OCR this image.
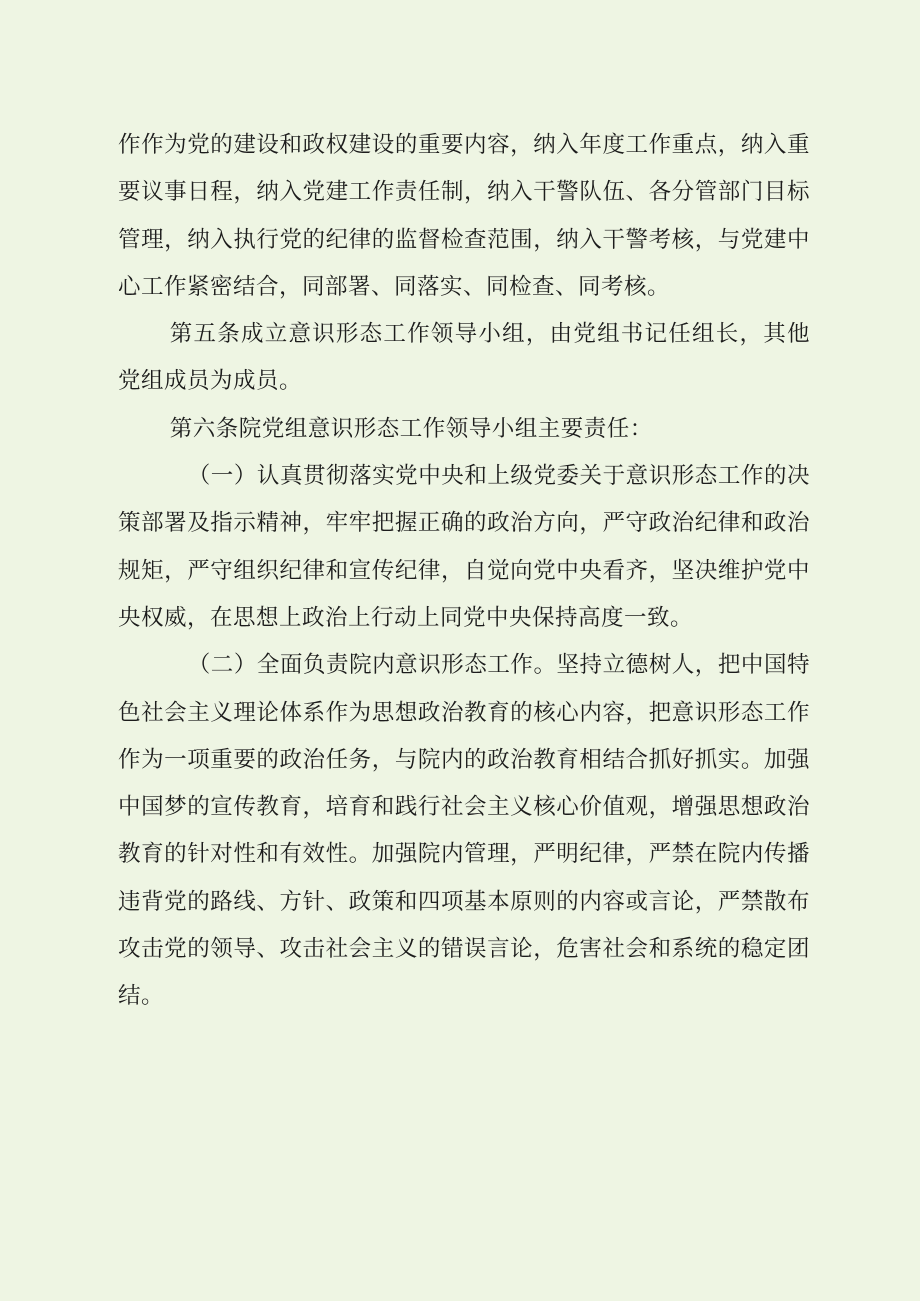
作作为党的建设和政权建设的重要内容，纳入年度工作重点，纳入重要议事日程，纳入党建工作责任制，纳入干警队伍、各分管部门目标管理，纳入执行党的纪律的监督检查范围，纳入干警考核，与党建中心工作紧密结合，同部署、同落实、同检查、同考核。

第五条成立意识形态工作领导小组，由党组书记任组长，其他党组成员为成员。

第六条院党组意识形态工作领导小组主要责任：

（一）认真贯彻落实党中央和上级党委关于意识形态工作的决策部署及指示精神，牢牢把握正确的政治方向，严守政治纪律和政治规矩，严守组织纪律和宣传纪律，自觉向党中央看齐，坚决维护党中央权威，在思想上政治上行动上同党中央保持高度一致。

（二）全面负责院内意识形态工作。坚持立德树人，把中国特色社会主义理论体系作为思想政治教育的核心内容，把意识形态工作作为一项重要的政治任务，与院内的政治教育相结合抓好抓实。加强中国梦的宣传教育，培育和践行社会主义核心价值观，增强思想政治教育的针对性和有效性。加强院内管理，严明纪律，严禁在院内传播违背党的路线、方针、政策和四项基本原则的内容或言论，严禁散布攻击党的领导、攻击社会主义的错误言论，危害社会和系统的稳定团结。
